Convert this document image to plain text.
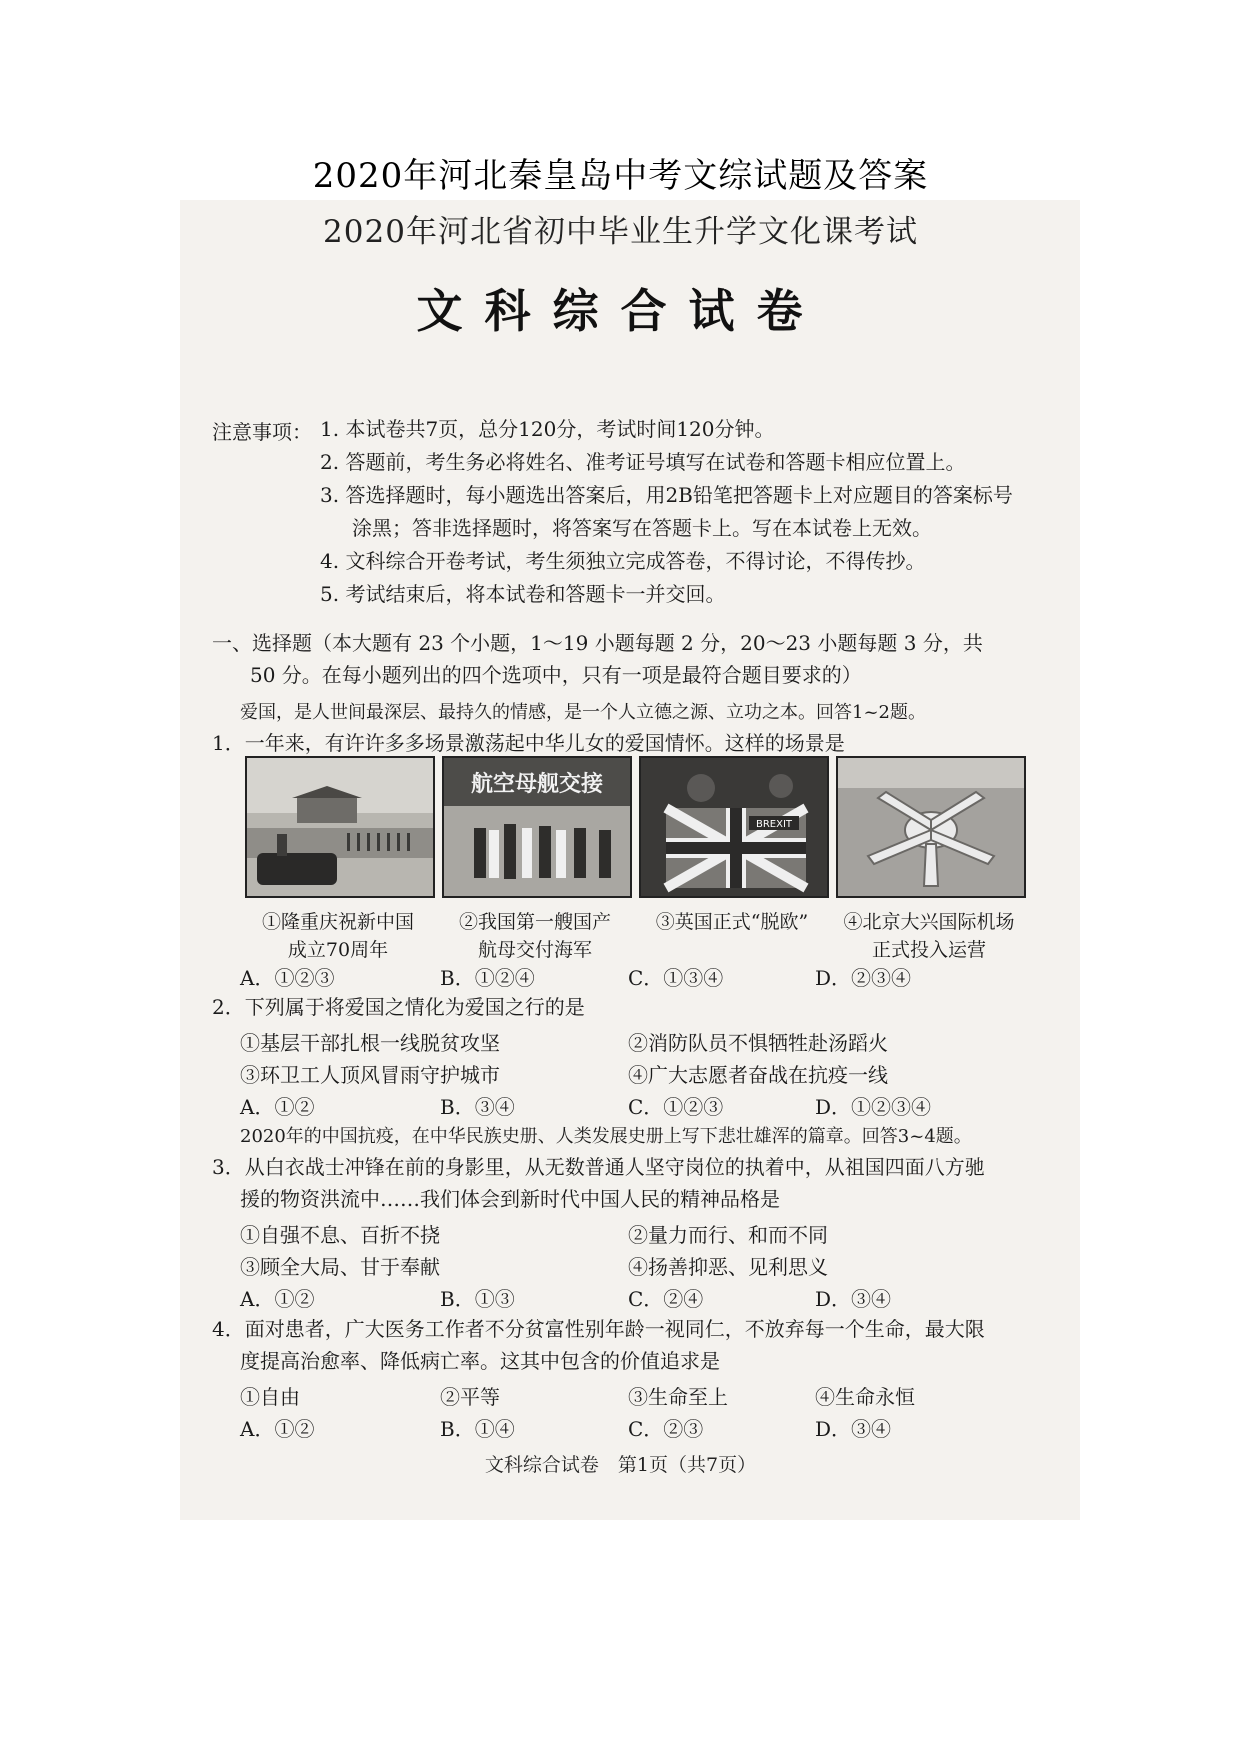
2020年河北秦皇岛中考文综试题及答案
2020年河北省初中毕业生升学文化课考试
文科综合试卷
注意事项： 1. 本试卷共7页，总分120分，考试时间120分钟。
2. 答题前，考生务必将姓名、准考证号填写在试卷和答题卡相应位置上。
3. 答选择题时，每小题选出答案后，用2B铅笔把答题卡上对应题目的答案标号
涂黑；答非选择题时，将答案写在答题卡上。写在本试卷上无效。
4. 文科综合开卷考试，考生须独立完成答卷，不得讨论，不得传抄。
5. 考试结束后，将本试卷和答题卡一并交回。
一、选择题（本大题有 23 个小题，1～19 小题每题 2 分，20～23 小题每题 3 分，共
50 分。在每小题列出的四个选项中，只有一项是最符合题目要求的）
爱国，是人世间最深层、最持久的情感，是一个人立德之源、立功之本。回答1~2题。
1．一年来，有许许多多场景激荡起中华儿女的爱国情怀。这样的场景是
航空母舰交接
BREXIT
①隆重庆祝新中国
成立70周年
②我国第一艘国产
航母交付海军
③英国正式“脱欧”	④北京大兴国际机场
正式投入运营
A．①②③	B．①②④	C．①③④	D．②③④
2．下列属于将爱国之情化为爱国之行的是
①基层干部扎根一线脱贫攻坚	②消防队员不惧牺牲赴汤蹈火
③环卫工人顶风冒雨守护城市	④广大志愿者奋战在抗疫一线
A．①②	B．③④	C．①②③	D．①②③④
2020年的中国抗疫，在中华民族史册、人类发展史册上写下悲壮雄浑的篇章。回答3~4题。
3．从白衣战士冲锋在前的身影里，从无数普通人坚守岗位的执着中，从祖国四面八方驰
援的物资洪流中……我们体会到新时代中国人民的精神品格是
①自强不息、百折不挠	②量力而行、和而不同
③顾全大局、甘于奉献	④扬善抑恶、见利思义
A．①②	B．①③	C．②④	D．③④
4．面对患者，广大医务工作者不分贫富性别年龄一视同仁，不放弃每一个生命，最大限
度提高治愈率、降低病亡率。这其中包含的价值追求是
①自由	②平等	③生命至上	④生命永恒
A．①②	B．①④	C．②③	D．③④
文科综合试卷　第1页（共7页）
